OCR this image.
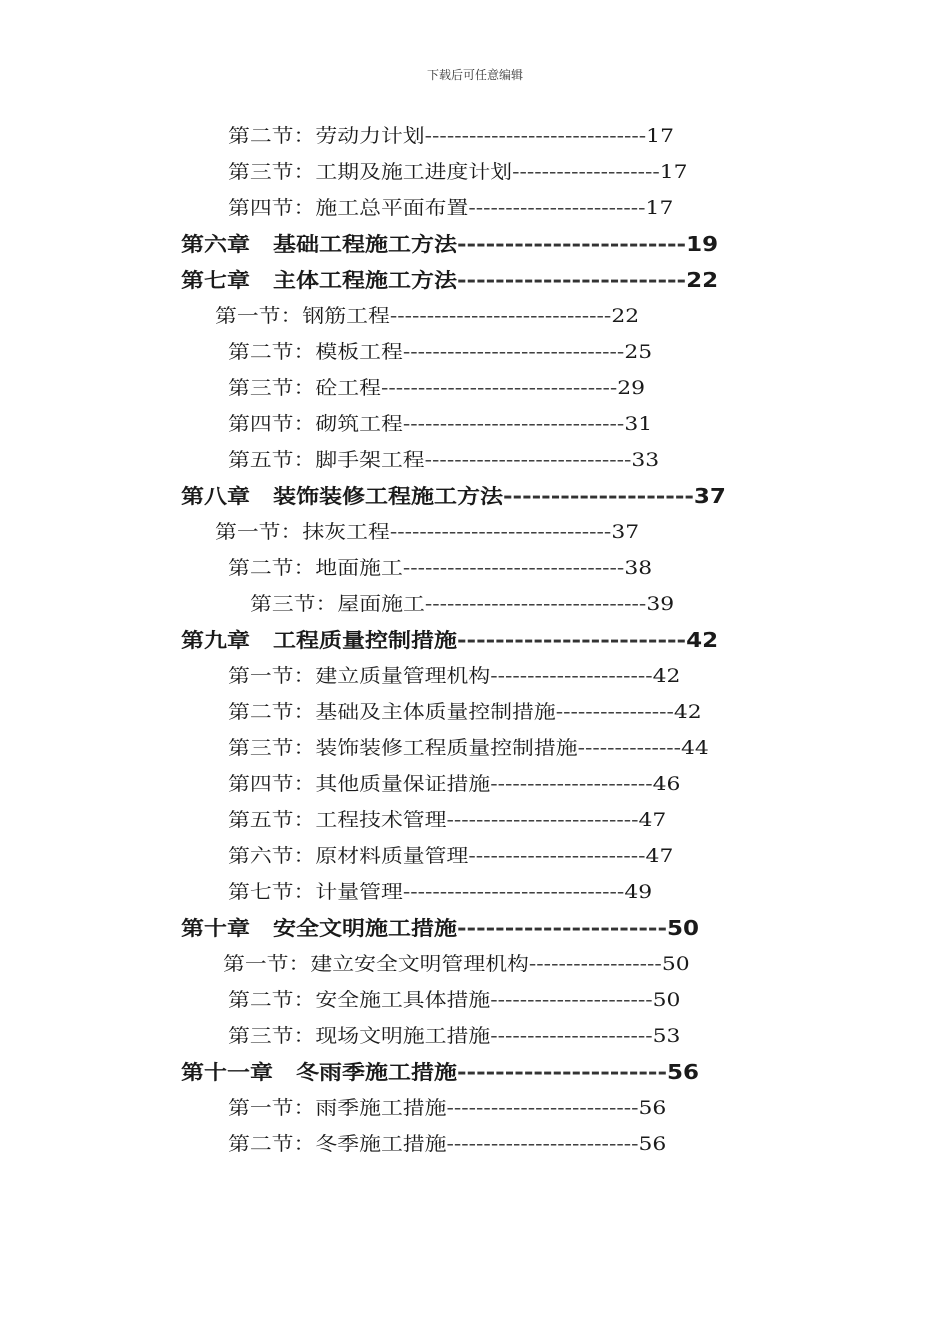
下载后可任意编辑
第二节：劳动力计划------------------------------17
第三节：工期及施工进度计划--------------------17
第四节：施工总平面布置------------------------17
第六章　基础工程施工方法------------------------19
第七章　主体工程施工方法------------------------22
第一节：钢筋工程------------------------------22
第二节：模板工程------------------------------25
第三节：砼工程--------------------------------29
第四节：砌筑工程------------------------------31
第五节：脚手架工程----------------------------33
第八章　装饰装修工程施工方法--------------------37
第一节：抹灰工程------------------------------37
第二节：地面施工------------------------------38
第三节：屋面施工------------------------------39
第九章　工程质量控制措施------------------------42
第一节：建立质量管理机构----------------------42
第二节：基础及主体质量控制措施----------------42
第三节：装饰装修工程质量控制措施--------------44
第四节：其他质量保证措施----------------------46
第五节：工程技术管理--------------------------47
第六节：原材料质量管理------------------------47
第七节：计量管理------------------------------49
第十章　安全文明施工措施----------------------50
第一节：建立安全文明管理机构------------------50
第二节：安全施工具体措施----------------------50
第三节：现场文明施工措施----------------------53
第十一章　冬雨季施工措施----------------------56
第一节：雨季施工措施--------------------------56
第二节：冬季施工措施--------------------------56
